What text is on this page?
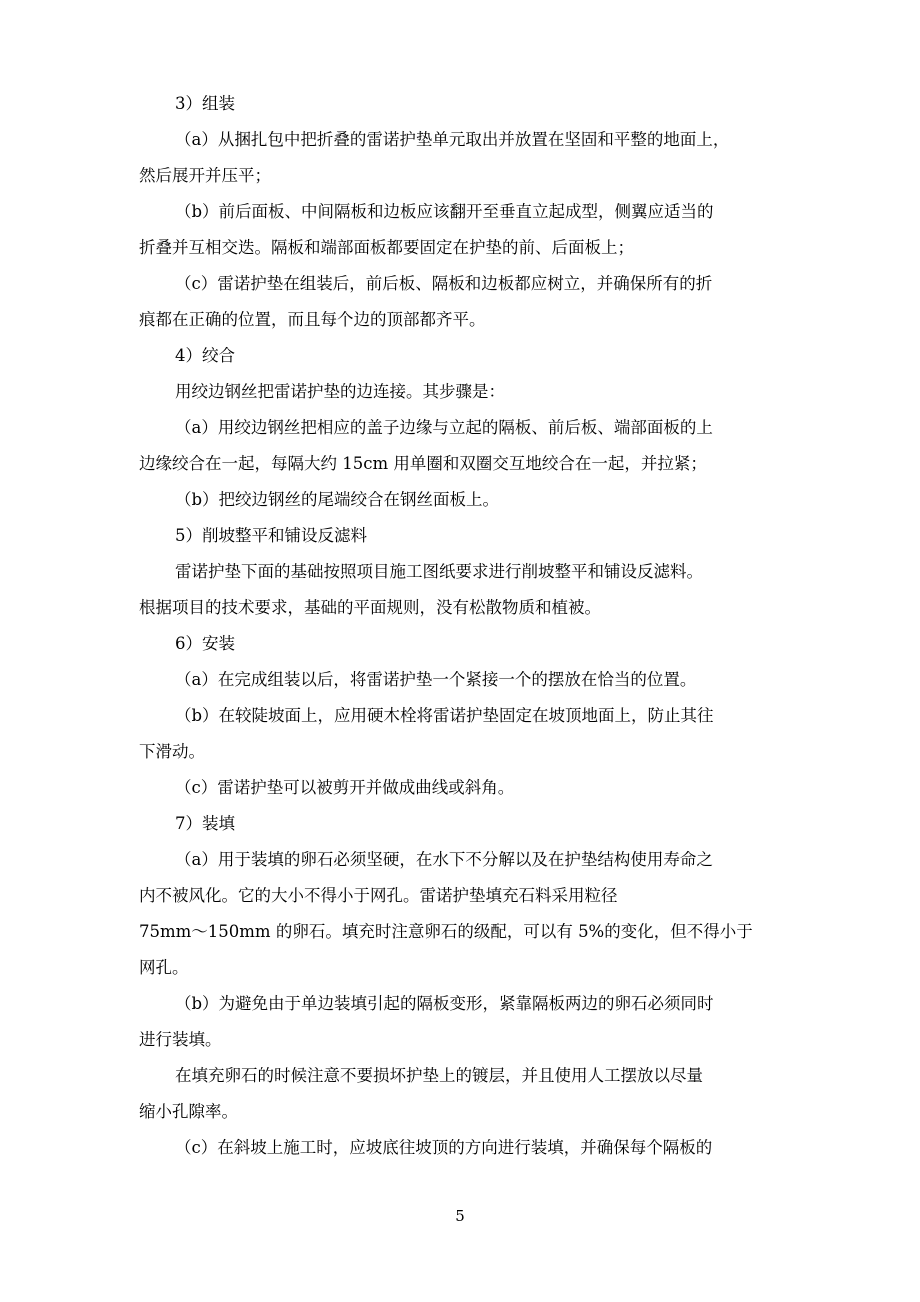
3）组装
（a）从捆扎包中把折叠的雷诺护垫单元取出并放置在坚固和平整的地面上，
然后展开并压平；
（b）前后面板、中间隔板和边板应该翻开至垂直立起成型，侧翼应适当的
折叠并互相交迭。隔板和端部面板都要固定在护垫的前、后面板上；
（c）雷诺护垫在组装后，前后板、隔板和边板都应树立，并确保所有的折
痕都在正确的位置，而且每个边的顶部都齐平。
4）绞合
用绞边钢丝把雷诺护垫的边连接。其步骤是：
（a）用绞边钢丝把相应的盖子边缘与立起的隔板、前后板、端部面板的上
边缘绞合在一起，每隔大约 15cm 用单圈和双圈交互地绞合在一起，并拉紧；
（b）把绞边钢丝的尾端绞合在钢丝面板上。
5）削坡整平和铺设反滤料
雷诺护垫下面的基础按照项目施工图纸要求进行削坡整平和铺设反滤料。
根据项目的技术要求，基础的平面规则，没有松散物质和植被。
6）安装
（a）在完成组装以后，将雷诺护垫一个紧接一个的摆放在恰当的位置。
（b）在较陡坡面上，应用硬木栓将雷诺护垫固定在坡顶地面上，防止其往
下滑动。
（c）雷诺护垫可以被剪开并做成曲线或斜角。
7）装填
（a）用于装填的卵石必须坚硬，在水下不分解以及在护垫结构使用寿命之
内不被风化。它的大小不得小于网孔。雷诺护垫填充石料采用粒径
75mm～150mm 的卵石。填充时注意卵石的级配，可以有 5%的变化，但不得小于
网孔。
（b）为避免由于单边装填引起的隔板变形，紧靠隔板两边的卵石必须同时
进行装填。
在填充卵石的时候注意不要损坏护垫上的镀层，并且使用人工摆放以尽量
缩小孔隙率。
（c）在斜坡上施工时，应坡底往坡顶的方向进行装填，并确保每个隔板的
5
